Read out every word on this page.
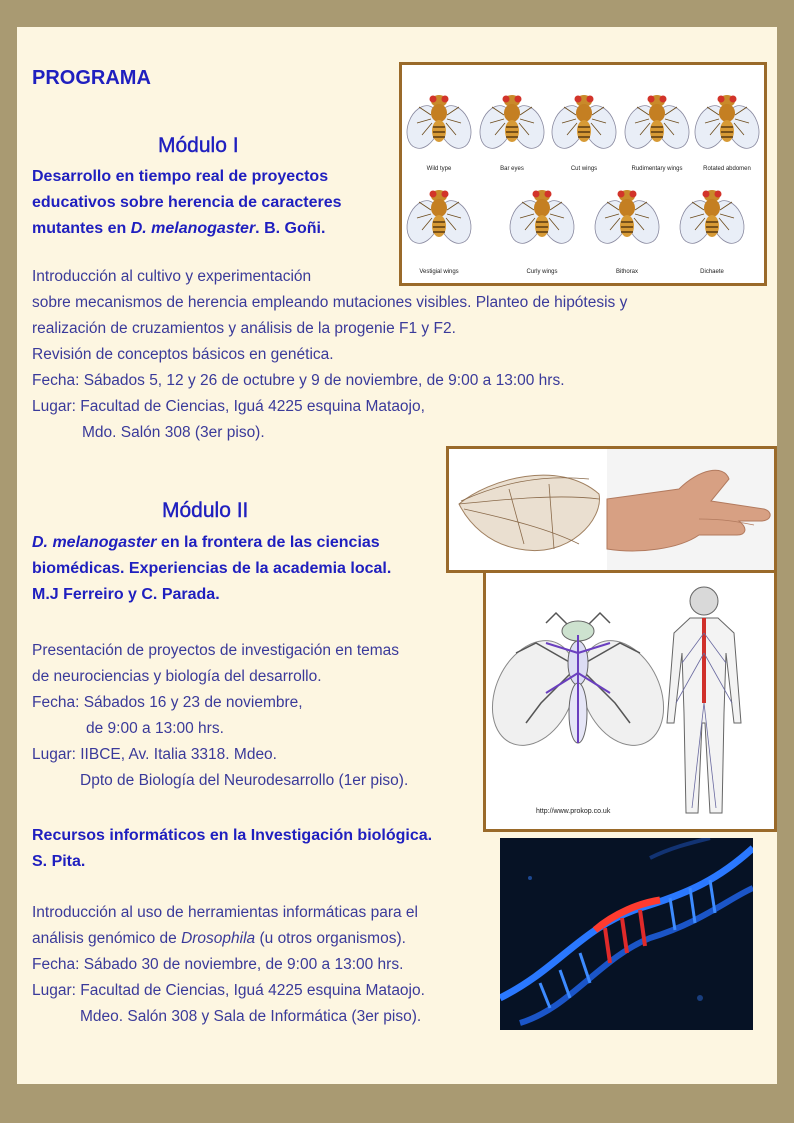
PROGRAMA
Módulo I
Desarrollo en tiempo real de proyectos
educativos sobre herencia de caracteres
mutantes en D. melanogaster. B. Goñi.
Introducción al cultivo y experimentación
sobre mecanismos de herencia empleando mutaciones visibles. Planteo de hipótesis y
realización de cruzamientos y análisis de la progenie F1 y F2.
Revisión de conceptos básicos en genética.
Fecha: Sábados 5, 12 y 26 de octubre y 9 de noviembre, de 9:00 a 13:00 hrs.
Lugar: Facultad de Ciencias, Iguá 4225 esquina Mataojo,
Mdo. Salón 308 (3er piso).
Wild type	Bar eyes	Cut wings	Rudimentary wings	Rotated abdomen
Vestigial wings	Curly wings	Bithorax	Dichaete
Módulo II
D. melanogaster en la frontera de las ciencias
biomédicas. Experiencias de la academia local.
M.J Ferreiro y C. Parada.
Presentación de proyectos de investigación en temas
de neurociencias y biología del desarrollo.
Fecha: Sábados 16 y 23 de noviembre,
de 9:00 a 13:00 hrs.
Lugar: IIBCE, Av. Italia 3318. Mdeo.
Dpto de Biología del Neurodesarrollo (1er piso).
http://www.prokop.co.uk
Recursos informáticos en la Investigación biológica.
S. Pita.
Introducción al uso de herramientas informáticas para el
análisis genómico de Drosophila (u otros organismos).
Fecha: Sábado 30 de noviembre, de 9:00 a 13:00 hrs.
Lugar: Facultad de Ciencias, Iguá 4225 esquina Mataojo.
Mdeo. Salón 308 y Sala de Informática (3er piso).
